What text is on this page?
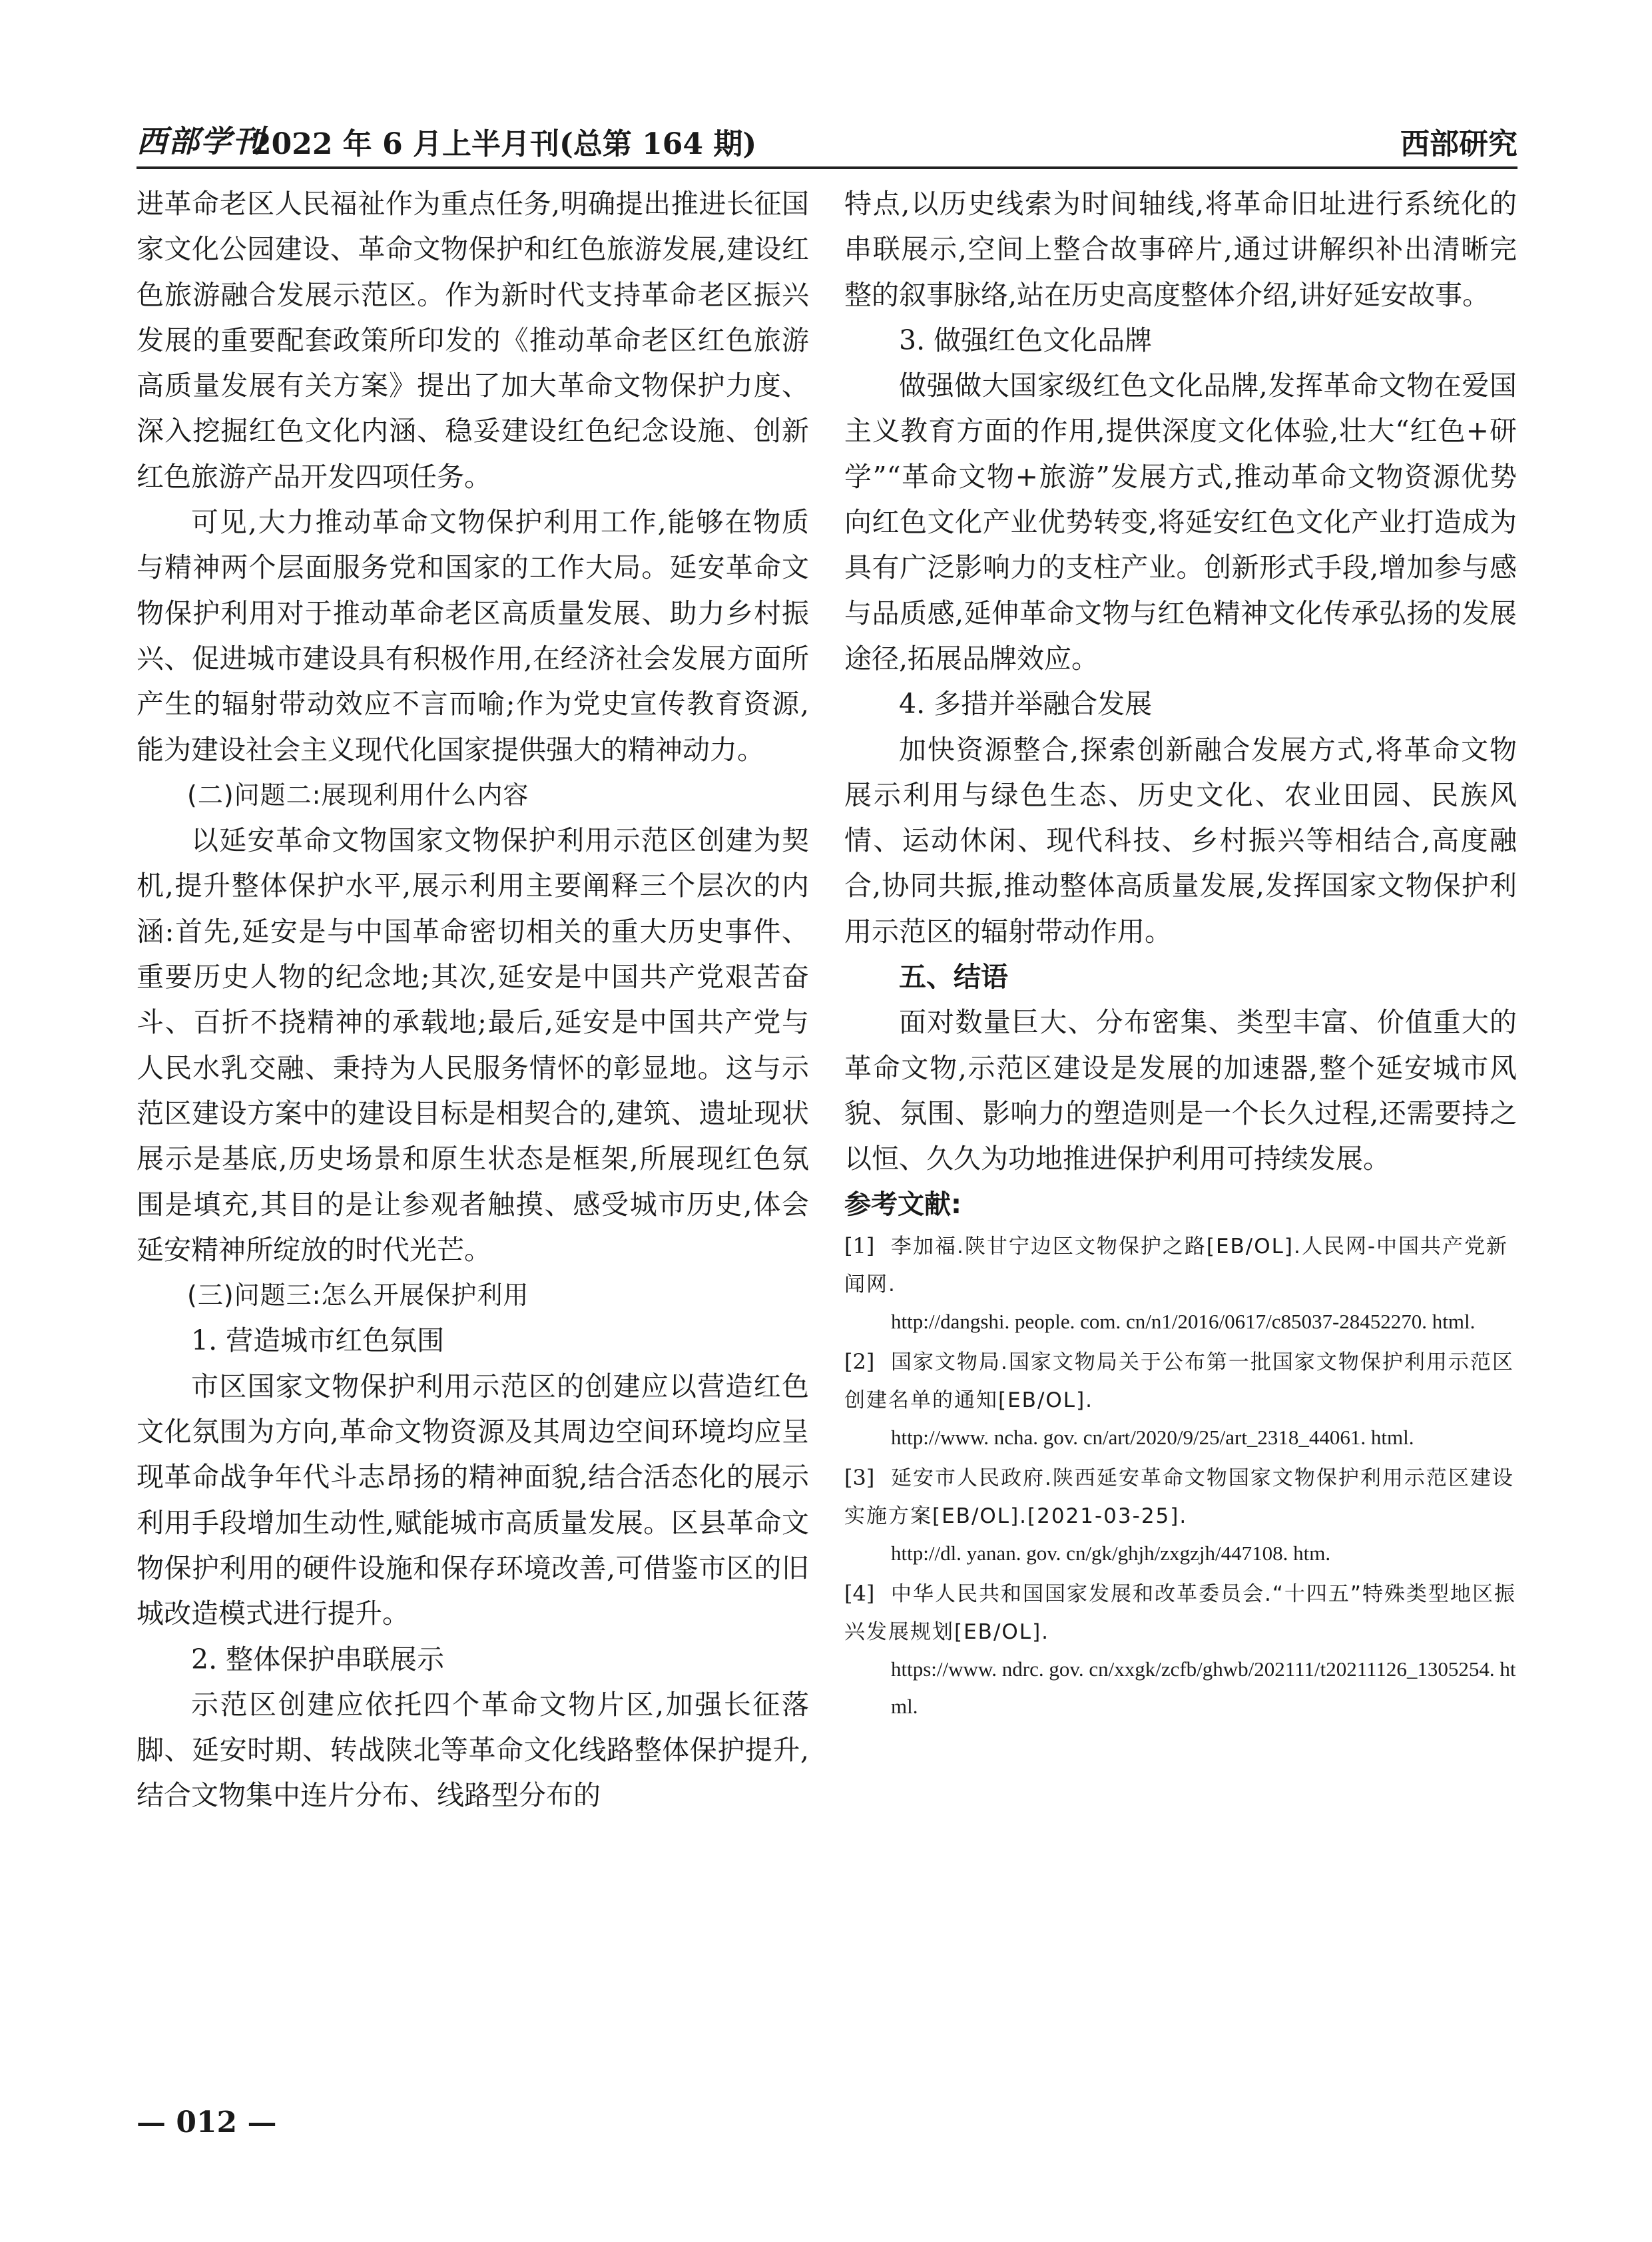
西部学刊
2022 年 6 月上半月刊(总第 164 期)	西部研究

进革命老区人民福祉作为重点任务,明确提出推进长征国家文化公园建设、革命文物保护和红色旅游发展,建设红色旅游融合发展示范区。作为新时代支持革命老区振兴发展的重要配套政策所印发的《推动革命老区红色旅游高质量发展有关方案》提出了加大革命文物保护力度、深入挖掘红色文化内涵、稳妥建设红色纪念设施、创新红色旅游产品开发四项任务。

可见,大力推动革命文物保护利用工作,能够在物质与精神两个层面服务党和国家的工作大局。延安革命文物保护利用对于推动革命老区高质量发展、助力乡村振兴、促进城市建设具有积极作用,在经济社会发展方面所产生的辐射带动效应不言而喻;作为党史宣传教育资源,能为建设社会主义现代化国家提供强大的精神动力。

(二)问题二:展现利用什么内容

以延安革命文物国家文物保护利用示范区创建为契机,提升整体保护水平,展示利用主要阐释三个层次的内涵:首先,延安是与中国革命密切相关的重大历史事件、重要历史人物的纪念地;其次,延安是中国共产党艰苦奋斗、百折不挠精神的承载地;最后,延安是中国共产党与人民水乳交融、秉持为人民服务情怀的彰显地。这与示范区建设方案中的建设目标是相契合的,建筑、遗址现状展示是基底,历史场景和原生状态是框架,所展现红色氛围是填充,其目的是让参观者触摸、感受城市历史,体会延安精神所绽放的时代光芒。

(三)问题三:怎么开展保护利用

1. 营造城市红色氛围

市区国家文物保护利用示范区的创建应以营造红色文化氛围为方向,革命文物资源及其周边空间环境均应呈现革命战争年代斗志昂扬的精神面貌,结合活态化的展示利用手段增加生动性,赋能城市高质量发展。区县革命文物保护利用的硬件设施和保存环境改善,可借鉴市区的旧城改造模式进行提升。

2. 整体保护串联展示

示范区创建应依托四个革命文物片区,加强长征落脚、延安时期、转战陕北等革命文化线路整体保护提升,结合文物集中连片分布、线路型分布的

特点,以历史线索为时间轴线,将革命旧址进行系统化的串联展示,空间上整合故事碎片,通过讲解织补出清晰完整的叙事脉络,站在历史高度整体介绍,讲好延安故事。

3. 做强红色文化品牌

做强做大国家级红色文化品牌,发挥革命文物在爱国主义教育方面的作用,提供深度文化体验,壮大“红色+研学”“革命文物+旅游”发展方式,推动革命文物资源优势向红色文化产业优势转变,将延安红色文化产业打造成为具有广泛影响力的支柱产业。创新形式手段,增加参与感与品质感,延伸革命文物与红色精神文化传承弘扬的发展途径,拓展品牌效应。

4. 多措并举融合发展

加快资源整合,探索创新融合发展方式,将革命文物展示利用与绿色生态、历史文化、农业田园、民族风情、运动休闲、现代科技、乡村振兴等相结合,高度融合,协同共振,推动整体高质量发展,发挥国家文物保护利用示范区的辐射带动作用。

五、结语

面对数量巨大、分布密集、类型丰富、价值重大的革命文物,示范区建设是发展的加速器,整个延安城市风貌、氛围、影响力的塑造则是一个长久过程,还需要持之以恒、久久为功地推进保护利用可持续发展。

参考文献:

[1] 李加福.陕甘宁边区文物保护之路[EB/OL].人民网-中国共产党新闻网.
http://dangshi. people. com. cn/n1/2016/0617/c85037-28452270. html.
[2] 国家文物局.国家文物局关于公布第一批国家文物保护利用示范区创建名单的通知[EB/OL].
http://www. ncha. gov. cn/art/2020/9/25/art_2318_44061. html.
[3] 延安市人民政府.陕西延安革命文物国家文物保护利用示范区建设实施方案[EB/OL].[2021-03-25].
http://dl. yanan. gov. cn/gk/ghjh/zxgzjh/447108. htm.
[4] 中华人民共和国国家发展和改革委员会.“十四五”特殊类型地区振兴发展规划[EB/OL].
https://www. ndrc. gov. cn/xxgk/zcfb/ghwb/202111/t20211126_1305254. html.
— 012 —
